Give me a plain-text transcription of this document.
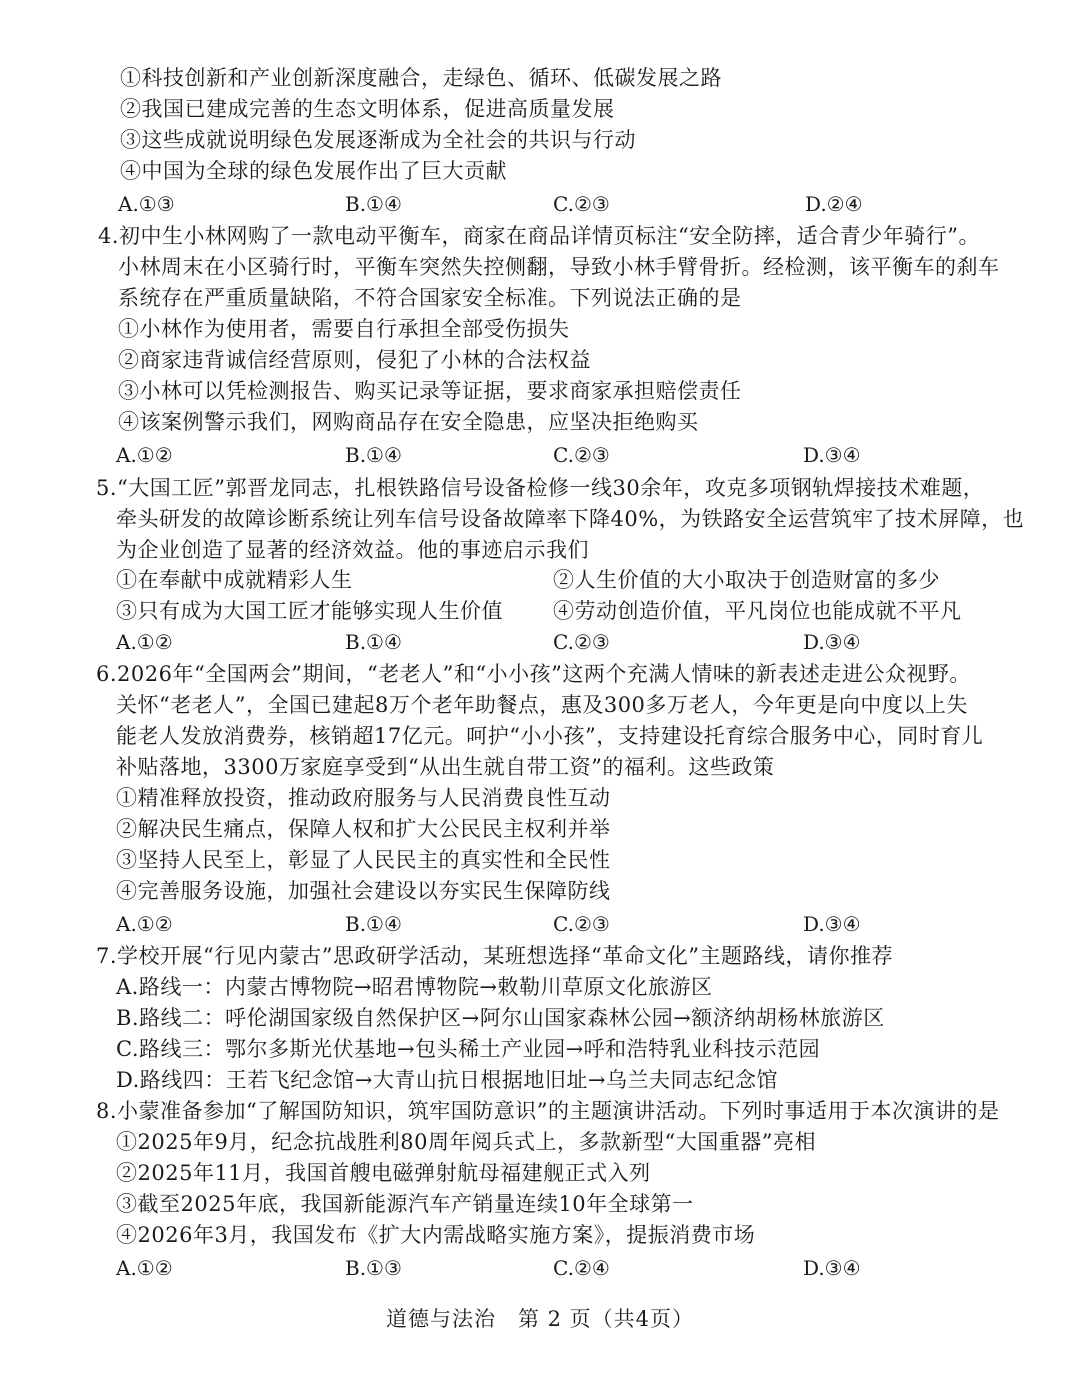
①科技创新和产业创新深度融合，走绿色、循环、低碳发展之路
②我国已建成完善的生态文明体系，促进高质量发展
③这些成就说明绿色发展逐渐成为全社会的共识与行动
④中国为全球的绿色发展作出了巨大贡献
A.①③	B.①④	C.②③	D.②④
4.初中生小林网购了一款电动平衡车，商家在商品详情页标注“安全防摔，适合青少年骑行”。
小林周末在小区骑行时，平衡车突然失控侧翻，导致小林手臂骨折。经检测，该平衡车的刹车
系统存在严重质量缺陷，不符合国家安全标准。下列说法正确的是
①小林作为使用者，需要自行承担全部受伤损失
②商家违背诚信经营原则，侵犯了小林的合法权益
③小林可以凭检测报告、购买记录等证据，要求商家承担赔偿责任
④该案例警示我们，网购商品存在安全隐患，应坚决拒绝购买
A.①②	B.①④	C.②③	D.③④
5.“大国工匠”郭晋龙同志，扎根铁路信号设备检修一线30余年，攻克多项钢轨焊接技术难题，
牵头研发的故障诊断系统让列车信号设备故障率下降40%，为铁路安全运营筑牢了技术屏障，也
为企业创造了显著的经济效益。他的事迹启示我们
①在奉献中成就精彩人生	②人生价值的大小取决于创造财富的多少
③只有成为大国工匠才能够实现人生价值 ④劳动创造价值，平凡岗位也能成就不平凡
A.①②	B.①④	C.②③	D.③④
6.2026年“全国两会”期间，“老老人”和“小小孩”这两个充满人情味的新表述走进公众视野。
关怀“老老人”，全国已建起8万个老年助餐点，惠及300多万老人，今年更是向中度以上失
能老人发放消费券，核销超17亿元。呵护“小小孩”，支持建设托育综合服务中心，同时育儿
补贴落地，3300万家庭享受到“从出生就自带工资”的福利。这些政策
①精准释放投资，推动政府服务与人民消费良性互动
②解决民生痛点，保障人权和扩大公民民主权利并举
③坚持人民至上，彰显了人民民主的真实性和全民性
④完善服务设施，加强社会建设以夯实民生保障防线
A.①②	B.①④	C.②③	D.③④
7.学校开展“行见内蒙古”思政研学活动，某班想选择“革命文化”主题路线，请你推荐
A.路线一：内蒙古博物院→昭君博物院→敕勒川草原文化旅游区
B.路线二：呼伦湖国家级自然保护区→阿尔山国家森林公园→额济纳胡杨林旅游区
C.路线三：鄂尔多斯光伏基地→包头稀土产业园→呼和浩特乳业科技示范园
D.路线四：王若飞纪念馆→大青山抗日根据地旧址→乌兰夫同志纪念馆
8.小蒙准备参加“了解国防知识，筑牢国防意识”的主题演讲活动。下列时事适用于本次演讲的是
①2025年9月，纪念抗战胜利80周年阅兵式上，多款新型“大国重器”亮相
②2025年11月，我国首艘电磁弹射航母福建舰正式入列
③截至2025年底，我国新能源汽车产销量连续10年全球第一
④2026年3月，我国发布《扩大内需战略实施方案》，提振消费市场
A.①②	B.①③	C.②④	D.③④
道德与法治　第 2 页（共4页）
